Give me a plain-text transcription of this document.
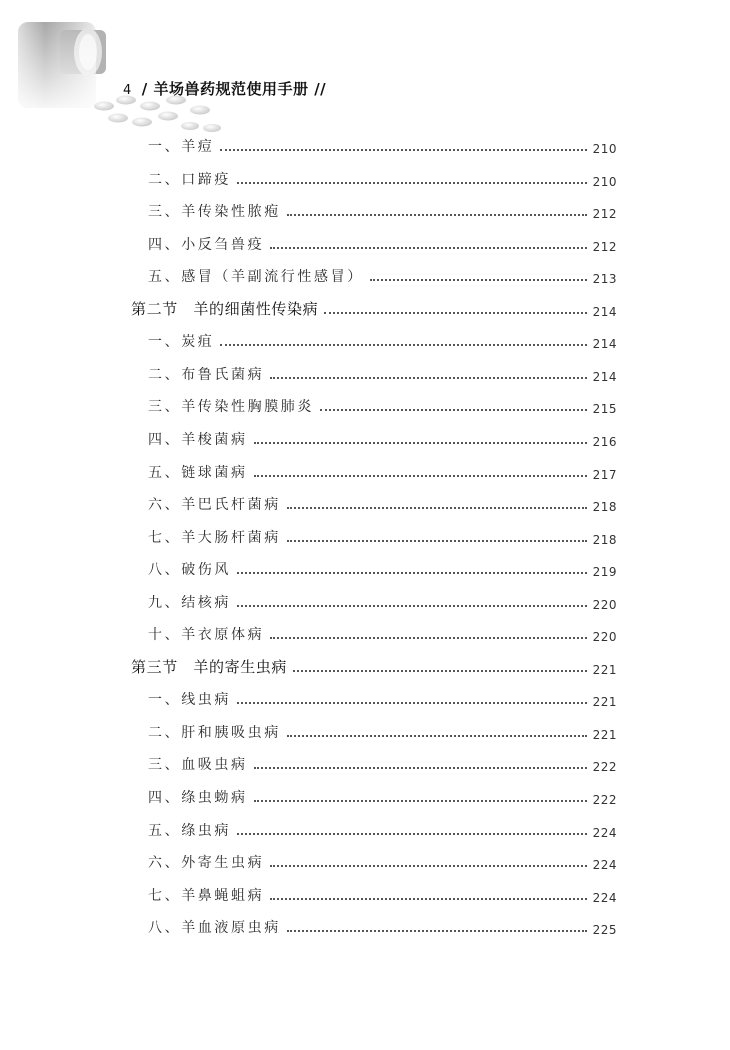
4 / 羊场兽药规范使用手册 //
一、羊痘	210
二、口蹄疫	210
三、羊传染性脓疱	212
四、小反刍兽疫	212
五、感冒（羊副流行性感冒）	213
第二节　羊的细菌性传染病	214
一、炭疽	214
二、布鲁氏菌病	214
三、羊传染性胸膜肺炎	215
四、羊梭菌病	216
五、链球菌病	217
六、羊巴氏杆菌病	218
七、羊大肠杆菌病	218
八、破伤风	219
九、结核病	220
十、羊衣原体病	220
第三节　羊的寄生虫病	221
一、线虫病	221
二、肝和胰吸虫病	221
三、血吸虫病	222
四、绦虫蚴病	222
五、绦虫病	224
六、外寄生虫病	224
七、羊鼻蝇蛆病	224
八、羊血液原虫病	225
